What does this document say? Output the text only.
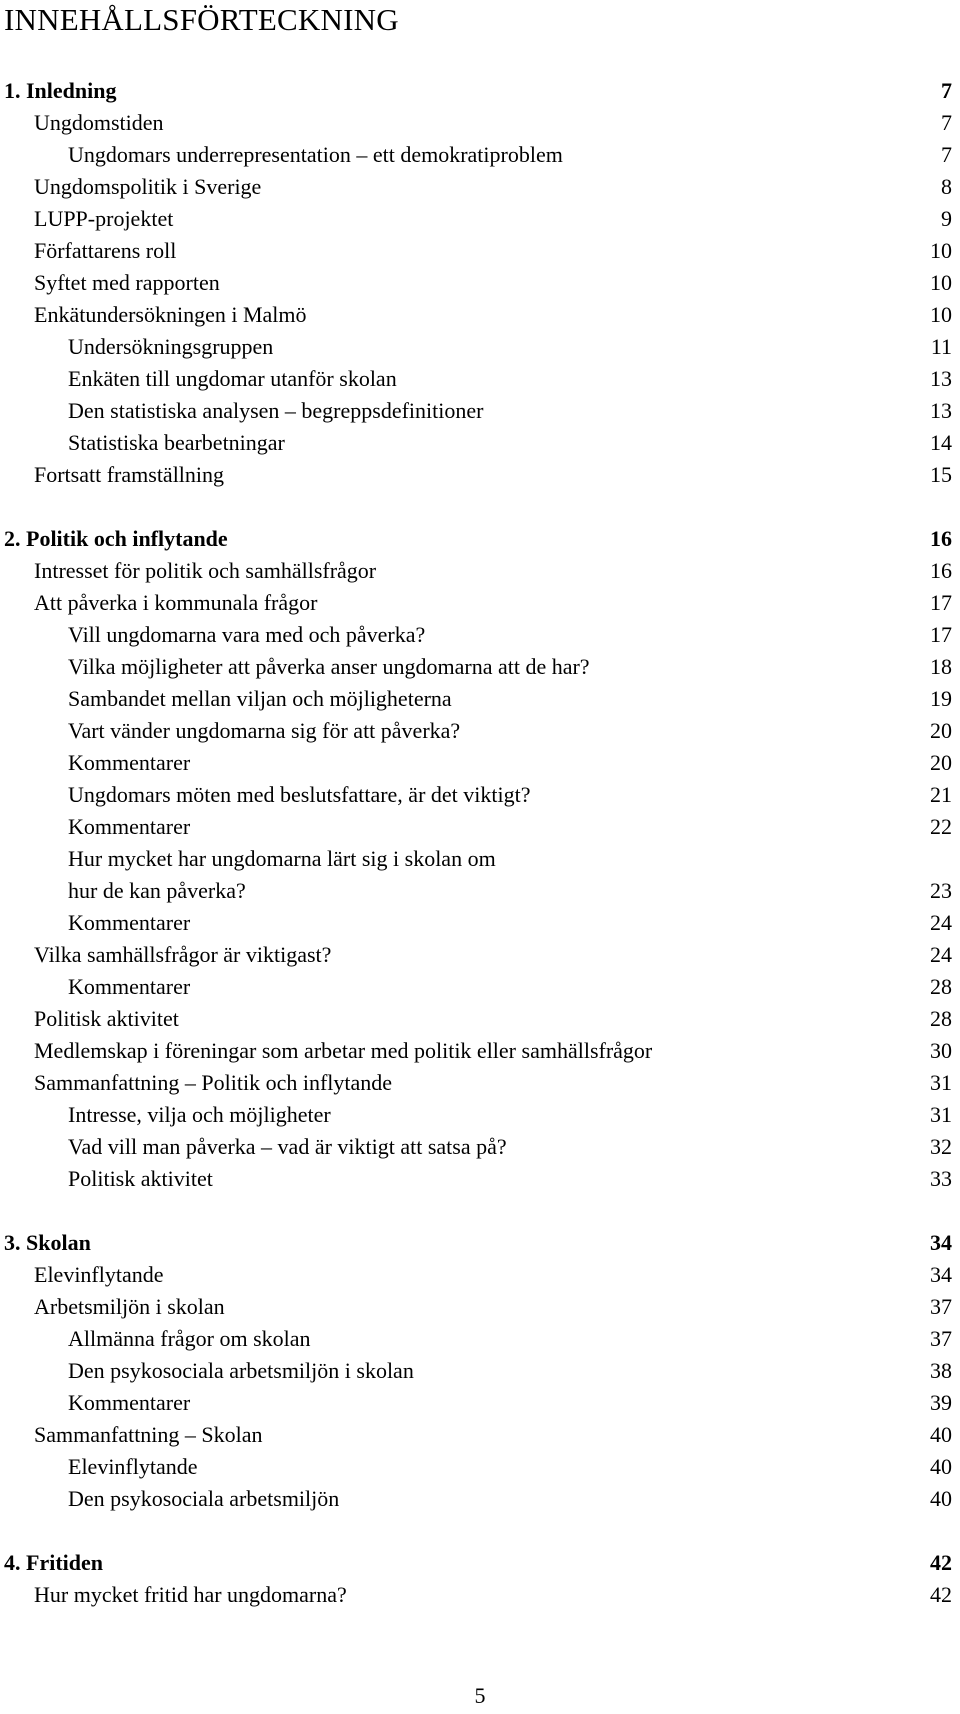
INNEHÅLLSFÖRTECKNING
1. Inledning	7
Ungdomstiden	7
Ungdomars underrepresentation – ett demokratiproblem	7
Ungdomspolitik i Sverige	8
LUPP-projektet	9
Författarens roll	10
Syftet med rapporten	10
Enkätundersökningen i Malmö	10
Undersökningsgruppen	11
Enkäten till ungdomar utanför skolan	13
Den statistiska analysen – begreppsdefinitioner	13
Statistiska bearbetningar	14
Fortsatt framställning	15
2. Politik och inflytande	16
Intresset för politik och samhällsfrågor	16
Att påverka i kommunala frågor	17
Vill ungdomarna vara med och påverka?	17
Vilka möjligheter att påverka anser ungdomarna att de har?	18
Sambandet mellan viljan och möjligheterna	19
Vart vänder ungdomarna sig för att påverka?	20
Kommentarer	20
Ungdomars möten med beslutsfattare, är det viktigt?	21
Kommentarer	22
Hur mycket har ungdomarna lärt sig i skolan om
hur de kan påverka?	23
Kommentarer	24
Vilka samhällsfrågor är viktigast?	24
Kommentarer	28
Politisk aktivitet	28
Medlemskap i föreningar som arbetar med politik eller samhällsfrågor	30
Sammanfattning – Politik och inflytande	31
Intresse, vilja och möjligheter	31
Vad vill man påverka – vad är viktigt att satsa på?	32
Politisk aktivitet	33
3. Skolan	34
Elevinflytande	34
Arbetsmiljön i skolan	37
Allmänna frågor om skolan	37
Den psykosociala arbetsmiljön i skolan	38
Kommentarer	39
Sammanfattning – Skolan	40
Elevinflytande	40
Den psykosociala arbetsmiljön	40
4. Fritiden	42
Hur mycket fritid har ungdomarna?	42
5
